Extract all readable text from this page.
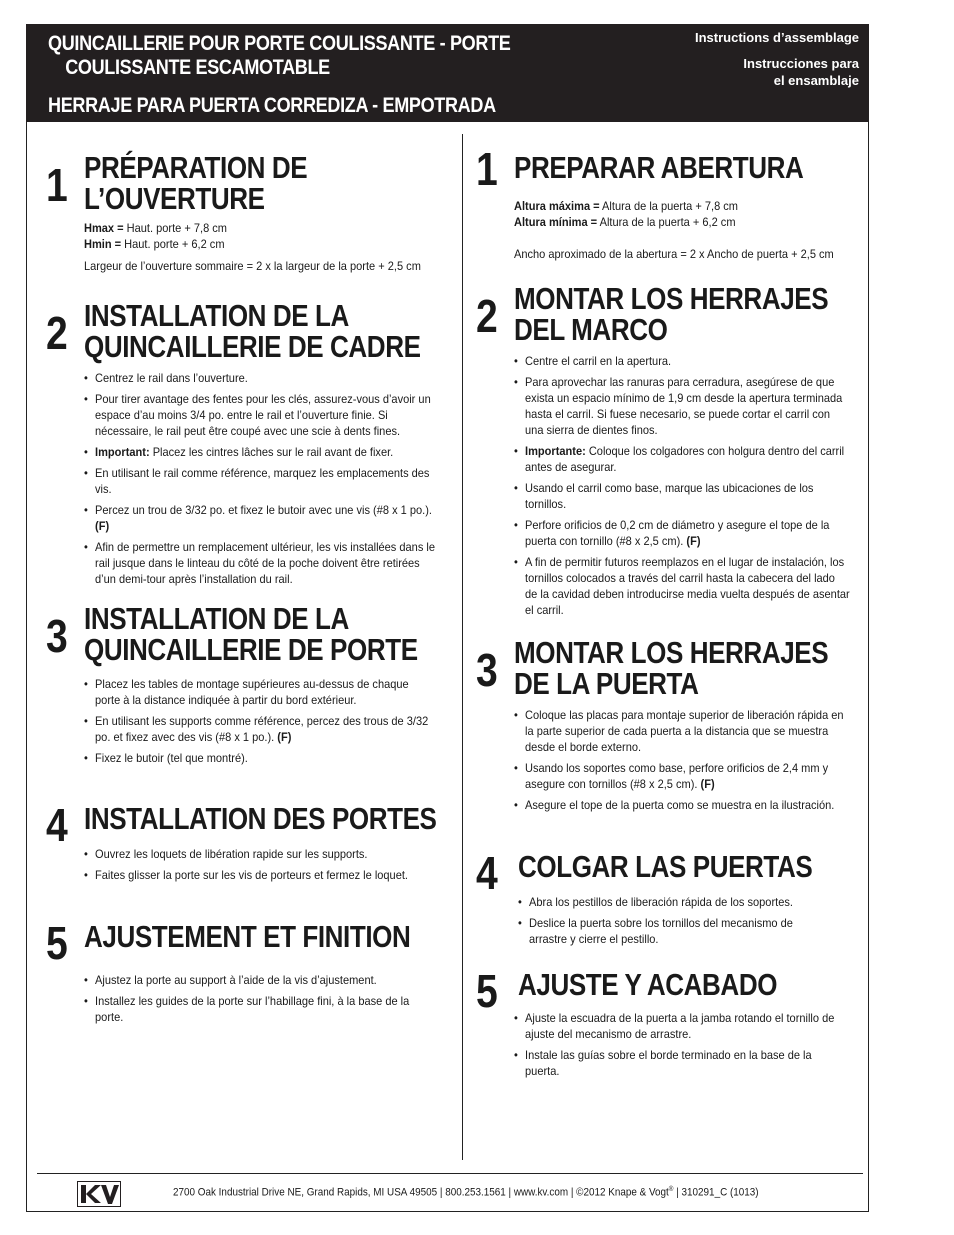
QUINCAILLERIE POUR PORTE COULISSANTE - PORTE
COULISSANTE ESCAMOTABLE
HERRAJE PARA PUERTA CORREDIZA - EMPOTRADA
Instructions d’assemblage
Instrucciones para
el ensamblaje
1 PRÉPARATION DE
L’OUVERTURE
Hmax = Haut. porte + 7,8 cm
Hmin = Haut. porte + 6,2 cm
Largeur de l’ouverture sommaire = 2 x la largeur de la porte + 2,5 cm
2 INSTALLATION DE LA
QUINCAILLERIE DE CADRE
• Centrez le rail dans l’ouverture.
• Pour tirer avantage des fentes pour les clés, assurez-vous d’avoir un espace d’au moins 3/4 po. entre le rail et l’ouverture finie. Si nécessaire, le rail peut être coupé avec une scie à dents fines.
• Important: Placez les cintres lâches sur le rail avant de fixer.
• En utilisant le rail comme référence, marquez les emplacements des vis.
• Percez un trou de 3/32 po. et fixez le butoir avec une vis (#8 x 1 po.). (F)
• Afin de permettre un remplacement ultérieur, les vis installées dans le rail jusque dans le linteau du côté de la poche doivent être retirées d’un demi-tour après l’installation du rail.
3 INSTALLATION DE LA
QUINCAILLERIE DE PORTE
• Placez les tables de montage supérieures au-dessus de chaque porte à la distance indiquée à partir du bord extérieur.
• En utilisant les supports comme référence, percez des trous de 3/32 po. et fixez avec des vis (#8 x 1 po.). (F)
• Fixez le butoir (tel que montré).
4 INSTALLATION DES PORTES
• Ouvrez les loquets de libération rapide sur les supports.
• Faites glisser la porte sur les vis de porteurs et fermez le loquet.
5 AJUSTEMENT ET FINITION
• Ajustez la porte au support à l’aide de la vis d’ajustement.
• Installez les guides de la porte sur l’habillage fini, à la base de la porte.
1 PREPARAR ABERTURA
Altura máxima = Altura de la puerta + 7,8 cm
Altura mínima = Altura de la puerta + 6,2 cm
Ancho aproximado de la abertura = 2 x Ancho de puerta + 2,5 cm
2 MONTAR LOS HERRAJES
DEL MARCO
• Centre el carril en la apertura.
• Para aprovechar las ranuras para cerradura, asegúrese de que exista un espacio mínimo de 1,9 cm desde la apertura terminada hasta el carril. Si fuese necesario, se puede cortar el carril con una sierra de dientes finos.
• Importante: Coloque los colgadores con holgura dentro del carril antes de asegurar.
• Usando el carril como base, marque las ubicaciones de los tornillos.
• Perfore orificios de 0,2 cm de diámetro y asegure el tope de la puerta con tornillo (#8 x 2,5 cm). (F)
• A fin de permitir futuros reemplazos en el lugar de instalación, los tornillos colocados a través del carril hasta la cabecera del lado de la cavidad deben introducirse media vuelta después de asentar el carril.
3 MONTAR LOS HERRAJES
DE LA PUERTA
• Coloque las placas para montaje superior de liberación rápida en la parte superior de cada puerta a la distancia que se muestra desde el borde externo.
• Usando los soportes como base, perfore orificios de 2,4 mm y asegure con tornillos (#8 x 2,5 cm). (F)
• Asegure el tope de la puerta como se muestra en la ilustración.
4 COLGAR LAS PUERTAS
• Abra los pestillos de liberación rápida de los soportes.
• Deslice la puerta sobre los tornillos del mecanismo de arrastre y cierre el pestillo.
5 AJUSTE Y ACABADO
• Ajuste la escuadra de la puerta a la jamba rotando el tornillo de ajuste del mecanismo de arrastre.
• Instale las guías sobre el borde terminado en la base de la puerta.
2700 Oak Industrial Drive NE, Grand Rapids, MI USA 49505 | 800.253.1561 | www.kv.com | ©2012 Knape & Vogt® | 310291_C (1013)
